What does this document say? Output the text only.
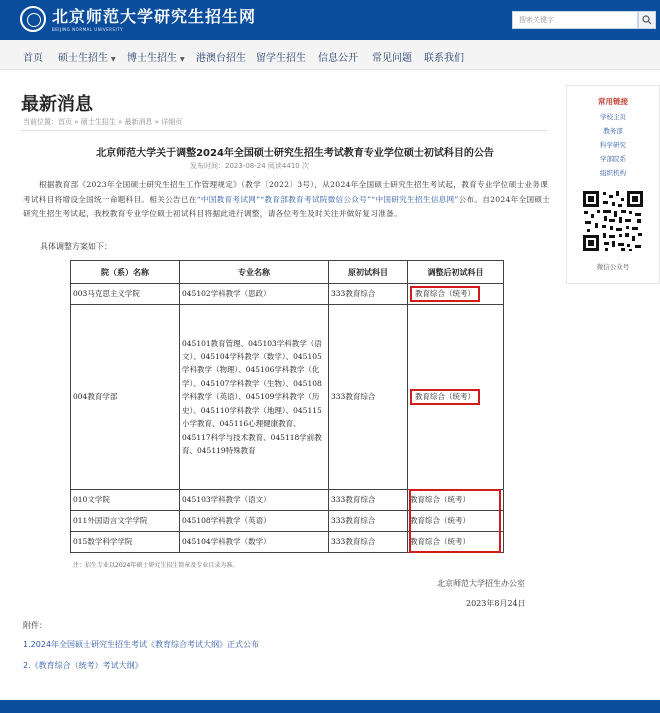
北京师范大学研究生招生网
BEIJING NORMAL UNIVERSITY
搜索关键字
首页 硕士生招生 ▼ 博士生招生 ▼ 港澳台招生 留学生招生 信息公开 常见问题 联系我们
最新消息
当前位置：首页 » 硕士生招生 » 最新消息 » 详细页
北京师范大学关于调整2024年全国硕士研究生招生考试教育专业学位硕士初试科目的公告
发布时间：2023-08-24 阅读4410 次
根据教育部《2023年全国硕士研究生招生工作管理规定》（教学〔2022〕3号），从2024年全国硕士研究生招生考试起，教育专业学位硕士业务课考试科目将增设全国统一命题科目。相关公告已在“中国教育考试网”“教育部教育考试院微信公众号”“中国研究生招生信息网”公布。自2024年全国硕士研究生招生考试起，我校教育专业学位硕士初试科目将据此进行调整，请各位考生及时关注并做好复习准备。
具体调整方案如下：
院（系）名称	专业名称	原初试科目	调整后初试科目
003马克思主义学院	045102学科教学（思政）	333教育综合	教育综合（统考）
004教育学部	045101教育管理、045103学科教学（语文）、045104学科教学（数学）、045105学科教学（物理）、045106学科教学（化学）、045107学科教学（生物）、045108学科教学（英语）、045109学科教学（历史）、045110学科教学（地理）、045115小学教育、045116心理健康教育、045117科学与技术教育、045118学前教育、045119特殊教育	333教育综合	教育综合（统考）
010文学院	045103学科教学（语文）	333教育综合	教育综合（统考）
011外国语言文学学院	045108学科教学（英语）	333教育综合	教育综合（统考）
015数学科学学院	045104学科教学（数学）	333教育综合	教育综合（统考）
注：招生专业以2024年硕士研究生招生简章及专业目录为准。
北京师范大学招生办公室
2023年8月24日
附件：
1.2024年全国硕士研究生招生考试《教育综合考试大纲》正式公布
2.《教育综合（统考）考试大纲》
常用链接
学校主页
教务部
科学研究
学部院系
组织机构
微信公众号
